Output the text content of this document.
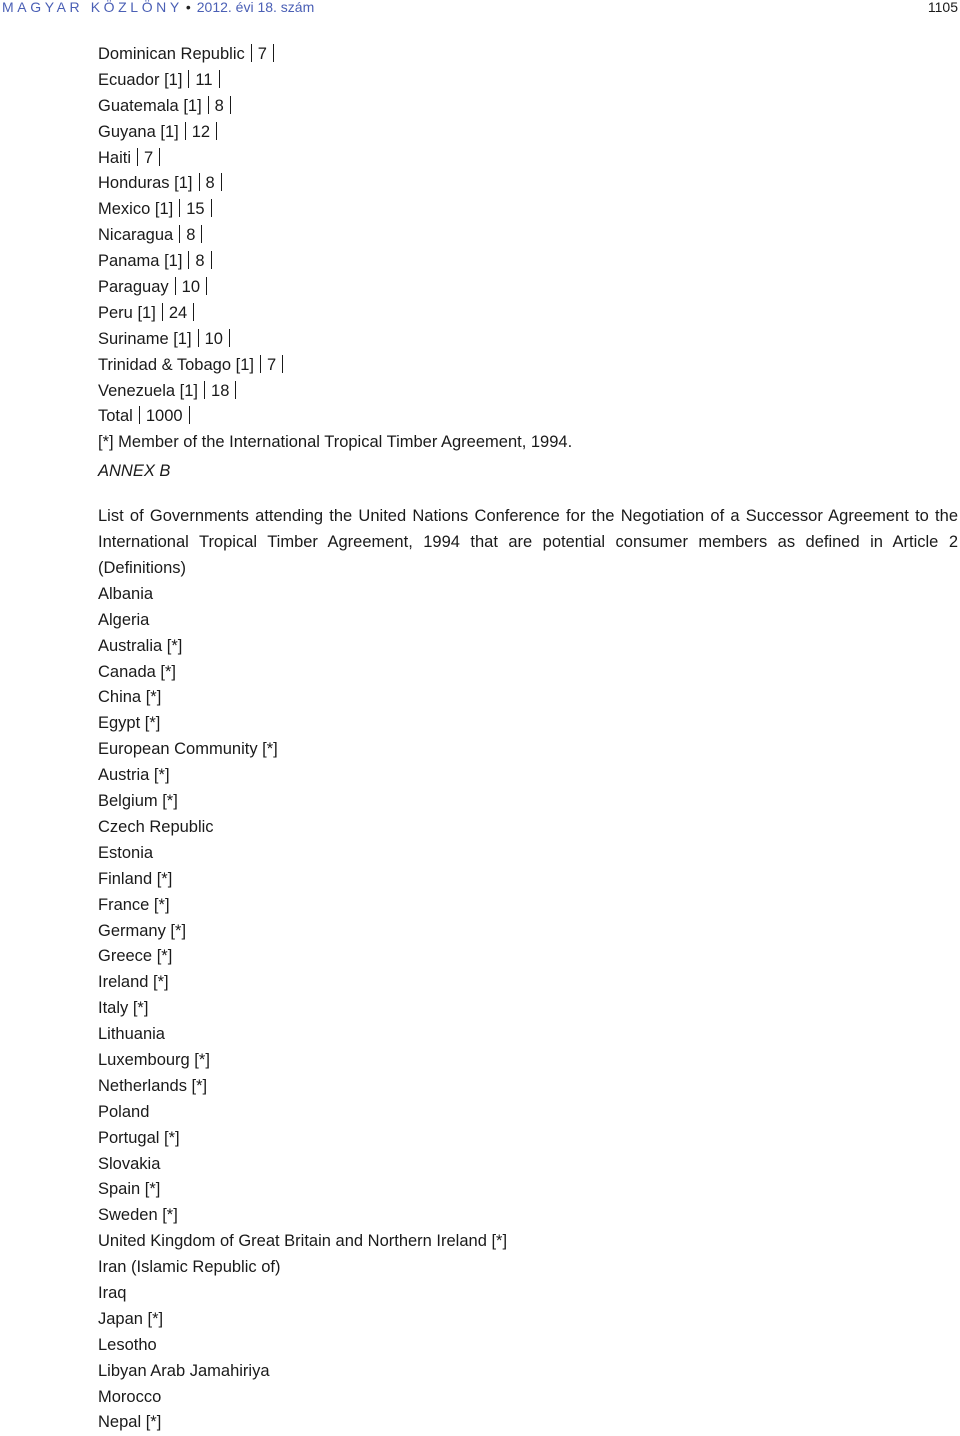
MAGYAR KÖZLÖNY • 2012. évi 18. szám	1105
Dominican Republic 7
Ecuador [1] 11
Guatemala [1] 8
Guyana [1] 12
Haiti 7
Honduras [1] 8
Mexico [1] 15
Nicaragua 8
Panama [1] 8
Paraguay 10
Peru [1] 24
Suriname [1] 10
Trinidad & Tobago [1] 7
Venezuela [1] 18
Total 1000
[*] Member of the International Tropical Timber Agreement, 1994.
ANNEX B
List of Governments attending the United Nations Conference for the Negotiation of a Successor Agreement to the
International Tropical Timber Agreement, 1994 that are potential consumer members as defined in Article 2
(Definitions)
Albania
Algeria
Australia [*]
Canada [*]
China [*]
Egypt [*]
European Community [*]
Austria [*]
Belgium [*]
Czech Republic
Estonia
Finland [*]
France [*]
Germany [*]
Greece [*]
Ireland [*]
Italy [*]
Lithuania
Luxembourg [*]
Netherlands [*]
Poland
Portugal [*]
Slovakia
Spain [*]
Sweden [*]
United Kingdom of Great Britain and Northern Ireland [*]
Iran (Islamic Republic of)
Iraq
Japan [*]
Lesotho
Libyan Arab Jamahiriya
Morocco
Nepal [*]
